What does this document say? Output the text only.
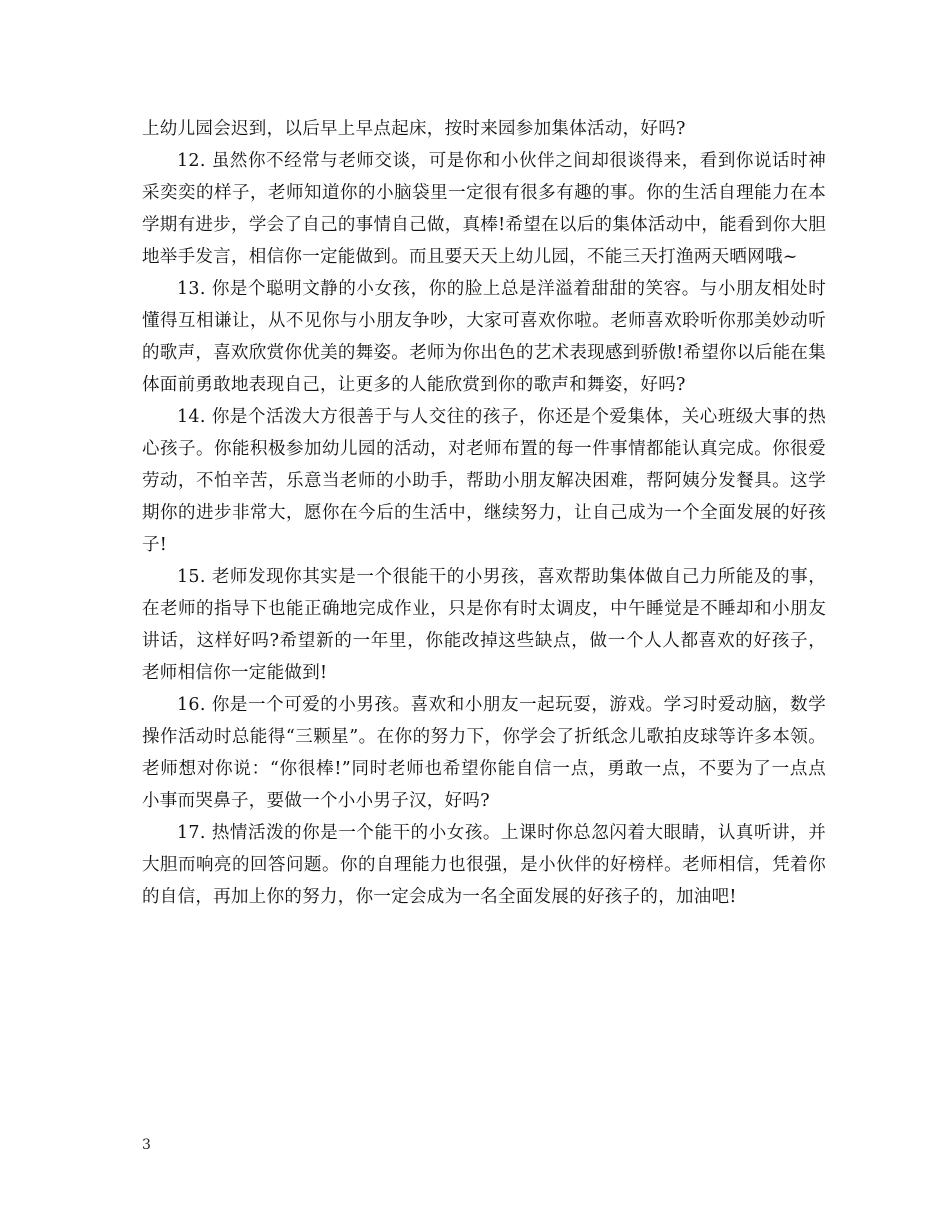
上幼儿园会迟到，以后早上早点起床，按时来园参加集体活动，好吗?

12. 虽然你不经常与老师交谈，可是你和小伙伴之间却很谈得来，看到你说话时神采奕奕的样子，老师知道你的小脑袋里一定很有很多有趣的事。你的生活自理能力在本学期有进步，学会了自己的事情自己做，真棒!希望在以后的集体活动中，能看到你大胆地举手发言，相信你一定能做到。而且要天天上幼儿园，不能三天打渔两天晒网哦~

13. 你是个聪明文静的小女孩，你的脸上总是洋溢着甜甜的笑容。与小朋友相处时懂得互相谦让，从不见你与小朋友争吵，大家可喜欢你啦。老师喜欢聆听你那美妙动听的歌声，喜欢欣赏你优美的舞姿。老师为你出色的艺术表现感到骄傲!希望你以后能在集体面前勇敢地表现自己，让更多的人能欣赏到你的歌声和舞姿，好吗?

14. 你是个活泼大方很善于与人交往的孩子，你还是个爱集体，关心班级大事的热心孩子。你能积极参加幼儿园的活动，对老师布置的每一件事情都能认真完成。你很爱劳动，不怕辛苦，乐意当老师的小助手，帮助小朋友解决困难，帮阿姨分发餐具。这学期你的进步非常大，愿你在今后的生活中，继续努力，让自己成为一个全面发展的好孩子!

15. 老师发现你其实是一个很能干的小男孩，喜欢帮助集体做自己力所能及的事，在老师的指导下也能正确地完成作业，只是你有时太调皮，中午睡觉是不睡却和小朋友讲话，这样好吗?希望新的一年里，你能改掉这些缺点，做一个人人都喜欢的好孩子，老师相信你一定能做到!

16. 你是一个可爱的小男孩。喜欢和小朋友一起玩耍，游戏。学习时爱动脑，数学操作活动时总能得“三颗星”。在你的努力下，你学会了折纸念儿歌拍皮球等许多本领。老师想对你说：“你很棒!”同时老师也希望你能自信一点，勇敢一点，不要为了一点点小事而哭鼻子，要做一个小小男子汉，好吗?

17. 热情活泼的你是一个能干的小女孩。上课时你总忽闪着大眼睛，认真听讲，并大胆而响亮的回答问题。你的自理能力也很强，是小伙伴的好榜样。老师相信，凭着你的自信，再加上你的努力，你一定会成为一名全面发展的好孩子的，加油吧!

3
